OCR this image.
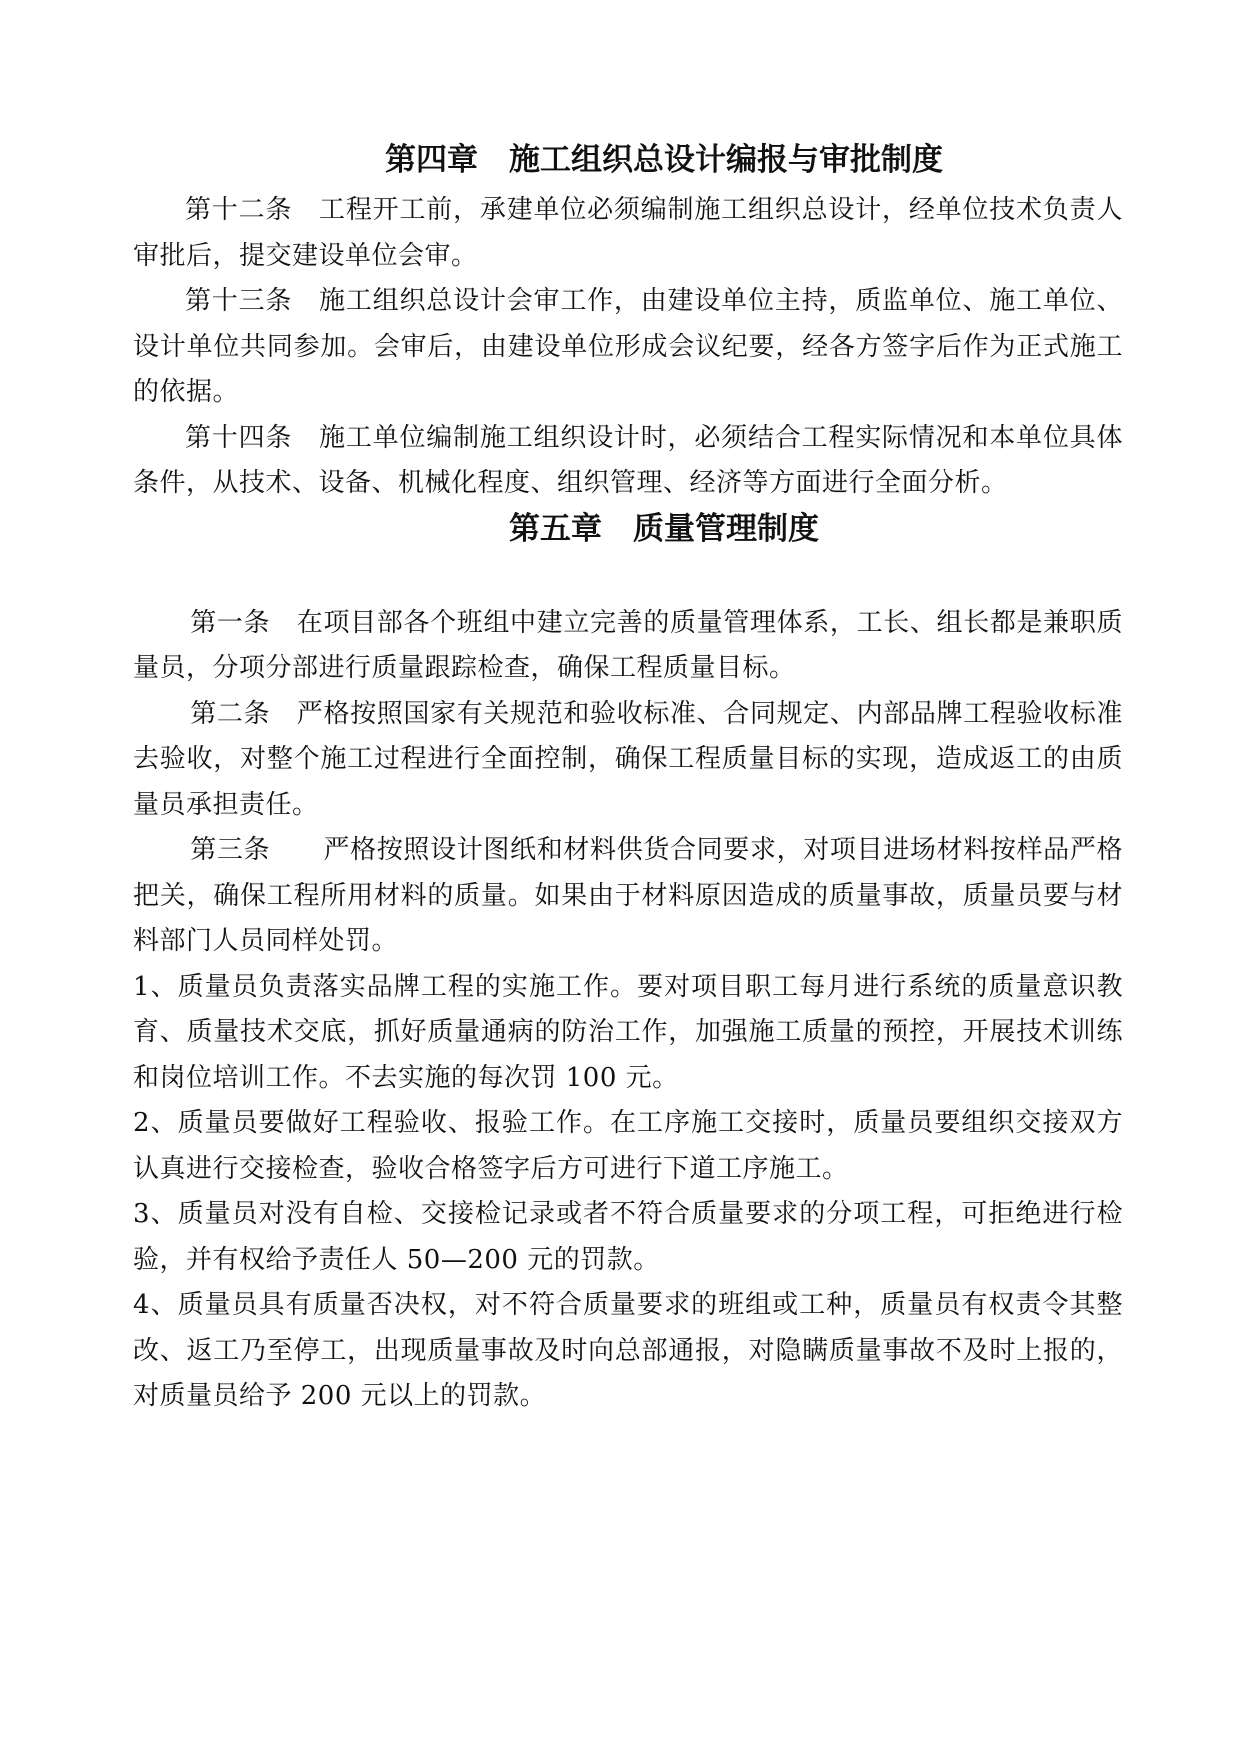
第四章　施工组织总设计编报与审批制度

第十二条　工程开工前，承建单位必须编制施工组织总设计，经单位技术负责人审批后，提交建设单位会审。

第十三条　施工组织总设计会审工作，由建设单位主持，质监单位、施工单位、设计单位共同参加。会审后，由建设单位形成会议纪要，经各方签字后作为正式施工的依据。

第十四条　施工单位编制施工组织设计时，必须结合工程实际情况和本单位具体条件，从技术、设备、机械化程度、组织管理、经济等方面进行全面分析。

第五章　质量管理制度

第一条　在项目部各个班组中建立完善的质量管理体系，工长、组长都是兼职质量员，分项分部进行质量跟踪检查，确保工程质量目标。

第二条　严格按照国家有关规范和验收标准、合同规定、内部品牌工程验收标准去验收，对整个施工过程进行全面控制，确保工程质量目标的实现，造成返工的由质量员承担责任。

第三条　　严格按照设计图纸和材料供货合同要求，对项目进场材料按样品严格把关，确保工程所用材料的质量。如果由于材料原因造成的质量事故，质量员要与材料部门人员同样处罚。

1、质量员负责落实品牌工程的实施工作。要对项目职工每月进行系统的质量意识教育、质量技术交底，抓好质量通病的防治工作，加强施工质量的预控，开展技术训练和岗位培训工作。不去实施的每次罚 100 元。

2、质量员要做好工程验收、报验工作。在工序施工交接时，质量员要组织交接双方认真进行交接检查，验收合格签字后方可进行下道工序施工。

3、质量员对没有自检、交接检记录或者不符合质量要求的分项工程，可拒绝进行检验，并有权给予责任人 50—200 元的罚款。

4、质量员具有质量否决权，对不符合质量要求的班组或工种，质量员有权责令其整改、返工乃至停工，出现质量事故及时向总部通报，对隐瞒质量事故不及时上报的，对质量员给予 200 元以上的罚款。
